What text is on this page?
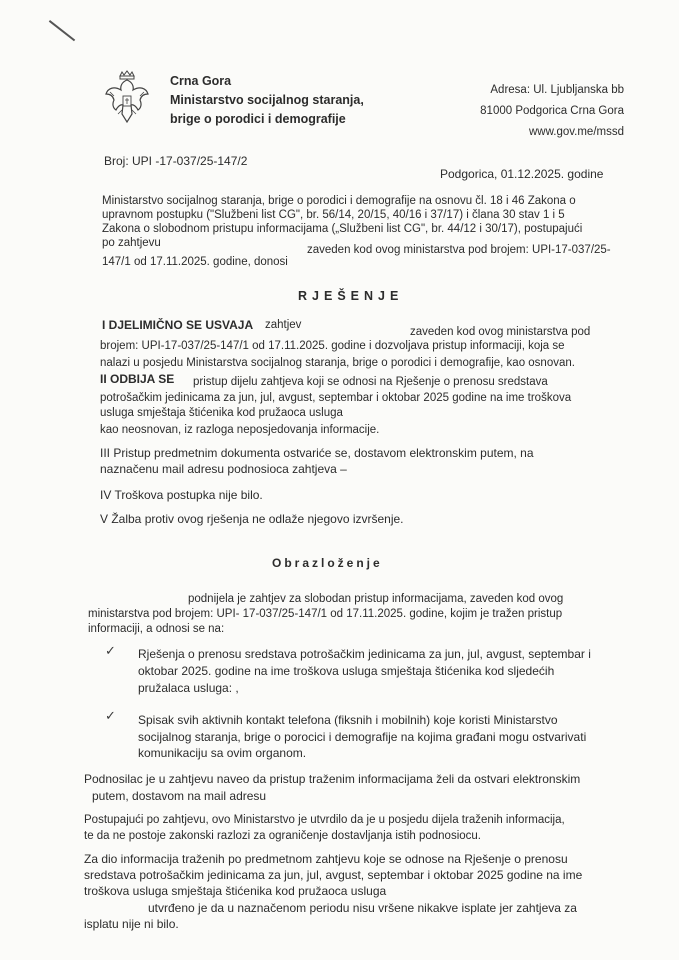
Crna Gora
Ministarstvo socijalnog staranja,
brige o porodici i demografije
Adresa: Ul. Ljubljanska bb
81000 Podgorica Crna Gora
www.gov.me/mssd
Broj: UPI -17-037/25-147/2
Podgorica, 01.12.2025. godine
Ministarstvo socijalnog staranja, brige o porodici i demografije na osnovu čl. 18 i 46 Zakona o
upravnom postupku ("Službeni list CG", br. 56/14, 20/15, 40/16 i 37/17) i člana 30 stav 1 i 5
Zakona o slobodnom pristupu informacijama („Službeni list CG", br. 44/12 i 30/17), postupajući
po zahtjevu
zaveden kod ovog ministarstva pod brojem: UPI-17-037/25-
147/1 od 17.11.2025. godine, donosi
RJEŠENJE
I DJELIMIČNO SE USVAJA zahtjev
zaveden kod ovog ministarstva pod
brojem: UPI-17-037/25-147/1 od 17.11.2025. godine i dozvoljava pristup informaciji, koja se
nalazi u posjedu Ministarstva socijalnog staranja, brige o porodici i demografije, kao osnovan.
II ODBIJA SE pristup dijelu zahtjeva koji se odnosi na Rješenje o prenosu sredstava
potrošačkim jedinicama za jun, jul, avgust, septembar i oktobar 2025 godine na ime troškova
usluga smještaja štićenika kod pružaoca usluga
kao neosnovan, iz razloga neposjedovanja informacije.
III Pristup predmetnim dokumenta ostvariće se, dostavom elektronskim putem, na
naznačenu mail adresu podnosioca zahtjeva –
IV Troškova postupka nije bilo.
V Žalba protiv ovog rješenja ne odlaže njegovo izvršenje.
Obrazloženje
podnijela je zahtjev za slobodan pristup informacijama, zaveden kod ovog
ministarstva pod brojem: UPI- 17-037/25-147/1 od 17.11.2025. godine, kojim je tražen pristup
informaciji, a odnosi se na:
✓ Rješenja o prenosu sredstava potrošačkim jedinicama za jun, jul, avgust, septembar i
oktobar 2025. godine na ime troškova usluga smještaja štićenika kod sljedećih
pružalaca usluga: ,
✓ Spisak svih aktivnih kontakt telefona (fiksnih i mobilnih) koje koristi Ministarstvo
socijalnog staranja, brige o porocici i demografije na kojima građani mogu ostvarivati
komunikaciju sa ovim organom.
Podnosilac je u zahtjevu naveo da pristup traženim informacijama želi da ostvari elektronskim
putem, dostavom na mail adresu
Postupajući po zahtjevu, ovo Ministarstvo je utvrdilo da je u posjedu dijela traženih informacija,
te da ne postoje zakonski razlozi za ograničenje dostavljanja istih podnosiocu.
Za dio informacija traženih po predmetnom zahtjevu koje se odnose na Rješenje o prenosu
sredstava potrošačkim jedinicama za jun, jul, avgust, septembar i oktobar 2025 godine na ime
troškova usluga smještaja štićenika kod pružaoca usluga
utvrđeno je da u naznačenom periodu nisu vršene nikakve isplate jer zahtjeva za
isplatu nije ni bilo.
